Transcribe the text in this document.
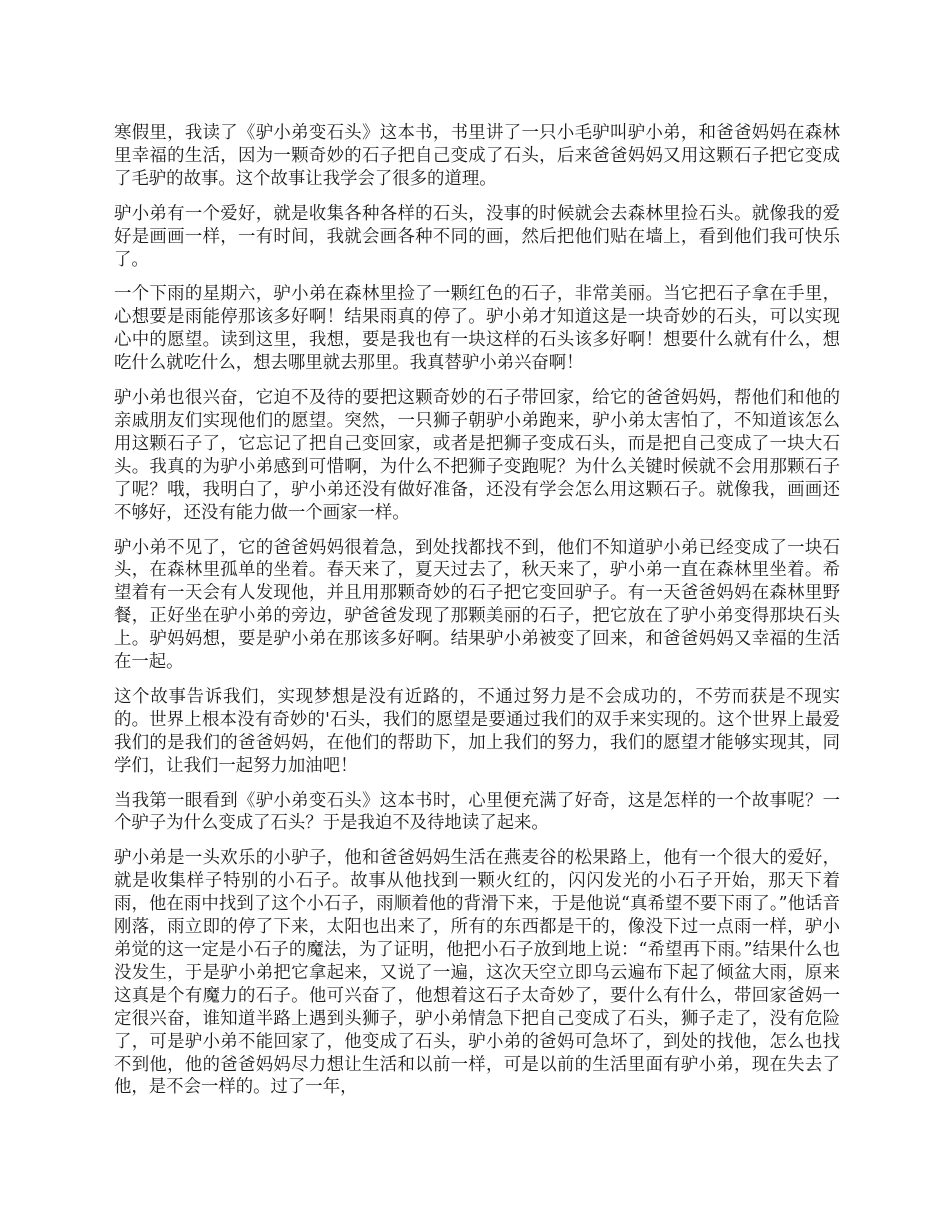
寒假里，我读了《驴小弟变石头》这本书，书里讲了一只小毛驴叫驴小弟，和爸爸妈妈在森林里幸福的生活，因为一颗奇妙的石子把自己变成了石头，后来爸爸妈妈又用这颗石子把它变成了毛驴的故事。这个故事让我学会了很多的道理。

驴小弟有一个爱好，就是收集各种各样的石头，没事的时候就会去森林里捡石头。就像我的爱好是画画一样，一有时间，我就会画各种不同的画，然后把他们贴在墙上，看到他们我可快乐了。

一个下雨的星期六，驴小弟在森林里捡了一颗红色的石子，非常美丽。当它把石子拿在手里，心想要是雨能停那该多好啊！结果雨真的停了。驴小弟才知道这是一块奇妙的石头，可以实现心中的愿望。读到这里，我想，要是我也有一块这样的石头该多好啊！想要什么就有什么，想吃什么就吃什么，想去哪里就去那里。我真替驴小弟兴奋啊！

驴小弟也很兴奋，它迫不及待的要把这颗奇妙的石子带回家，给它的爸爸妈妈，帮他们和他的亲戚朋友们实现他们的愿望。突然，一只狮子朝驴小弟跑来，驴小弟太害怕了，不知道该怎么用这颗石子了，它忘记了把自己变回家，或者是把狮子变成石头，而是把自己变成了一块大石头。我真的为驴小弟感到可惜啊，为什么不把狮子变跑呢？为什么关键时候就不会用那颗石子了呢？哦，我明白了，驴小弟还没有做好准备，还没有学会怎么用这颗石子。就像我，画画还不够好，还没有能力做一个画家一样。

驴小弟不见了，它的爸爸妈妈很着急，到处找都找不到，他们不知道驴小弟已经变成了一块石头，在森林里孤单的坐着。春天来了，夏天过去了，秋天来了，驴小弟一直在森林里坐着。希望着有一天会有人发现他，并且用那颗奇妙的石子把它变回驴子。有一天爸爸妈妈在森林里野餐，正好坐在驴小弟的旁边，驴爸爸发现了那颗美丽的石子，把它放在了驴小弟变得那块石头上。驴妈妈想，要是驴小弟在那该多好啊。结果驴小弟被变了回来，和爸爸妈妈又幸福的生活在一起。

这个故事告诉我们，实现梦想是没有近路的，不通过努力是不会成功的，不劳而获是不现实的。世界上根本没有奇妙的'石头，我们的愿望是要通过我们的双手来实现的。这个世界上最爱我们的是我们的爸爸妈妈，在他们的帮助下，加上我们的努力，我们的愿望才能够实现其，同学们，让我们一起努力加油吧！

当我第一眼看到《驴小弟变石头》这本书时，心里便充满了好奇，这是怎样的一个故事呢？一个驴子为什么变成了石头？于是我迫不及待地读了起来。

驴小弟是一头欢乐的小驴子，他和爸爸妈妈生活在燕麦谷的松果路上，他有一个很大的爱好，就是收集样子特别的小石子。故事从他找到一颗火红的，闪闪发光的小石子开始，那天下着雨，他在雨中找到了这个小石子，雨顺着他的背滑下来，于是他说“真希望不要下雨了。”他话音刚落，雨立即的停了下来，太阳也出来了，所有的东西都是干的，像没下过一点雨一样，驴小弟觉的这一定是小石子的魔法，为了证明，他把小石子放到地上说：“希望再下雨。”结果什么也没发生，于是驴小弟把它拿起来，又说了一遍，这次天空立即乌云遍布下起了倾盆大雨，原来这真是个有魔力的石子。他可兴奋了，他想着这石子太奇妙了，要什么有什么，带回家爸妈一定很兴奋，谁知道半路上遇到头狮子，驴小弟情急下把自己变成了石头，狮子走了，没有危险了，可是驴小弟不能回家了，他变成了石头，驴小弟的爸妈可急坏了，到处的找他，怎么也找不到他，他的爸爸妈妈尽力想让生活和以前一样，可是以前的生活里面有驴小弟，现在失去了他，是不会一样的。过了一年，
